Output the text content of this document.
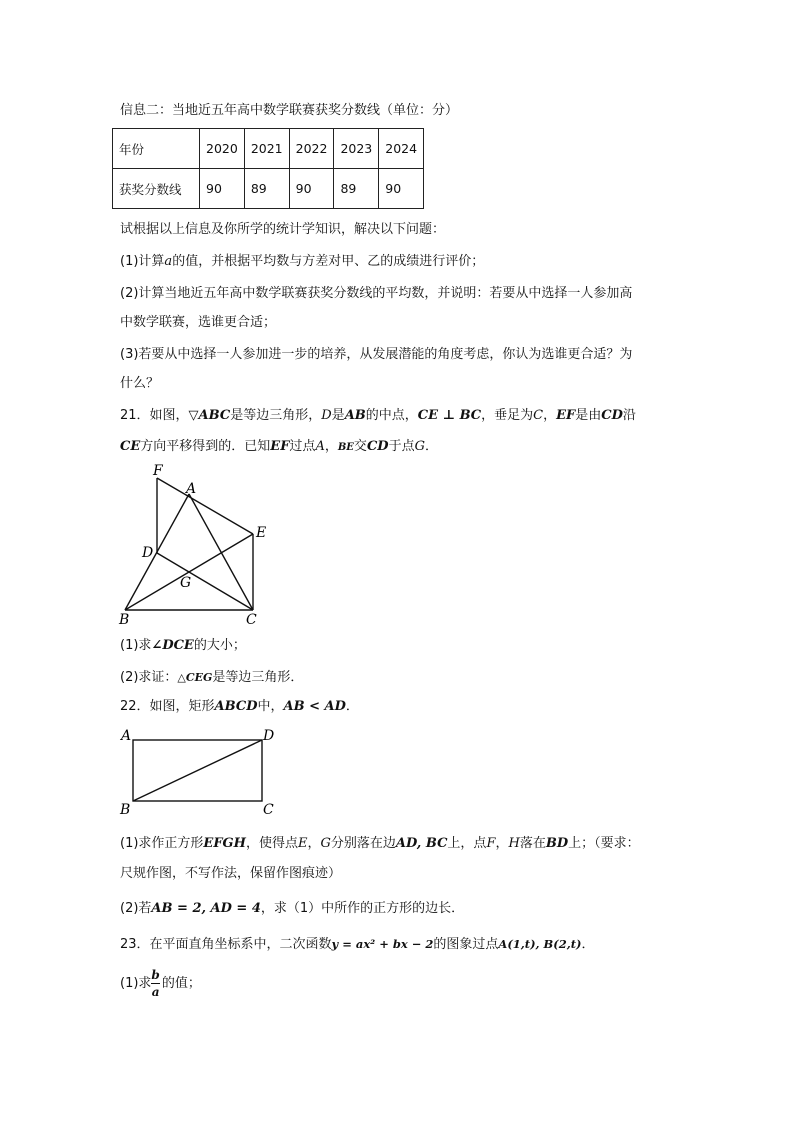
信息二：当地近五年高中数学联赛获奖分数线（单位：分）
年份	2020	2021	2022	2023	2024
获奖分数线	90	89	90	89	90
试根据以上信息及你所学的统计学知识，解决以下问题：
(1)计算a的值，并根据平均数与方差对甲、乙的成绩进行评价；
(2)计算当地近五年高中数学联赛获奖分数线的平均数，并说明：若要从中选择一人参加高
中数学联赛，选谁更合适；
(3)若要从中选择一人参加进一步的培养，从发展潜能的角度考虑，你认为选谁更合适？为
什么？
21．如图，▽ABC是等边三角形，D是AB的中点，CE ⊥ BC，垂足为C，EF是由CD沿
CE方向平移得到的．已知EF过点A，BE交CD于点G．
F
A
E
D
G
B	C
(1)求∠DCE的大小；
(2)求证：△CEG是等边三角形．
22．如图，矩形ABCD中，AB < AD．
A	D
B	C
(1)求作正方形EFGH，使得点E，G分别落在边AD, BC上，点F，H落在BD上；（要求：
尺规作图，不写作法，保留作图痕迹）
(2)若AB = 2, AD = 4，求（1）中所作的正方形的边长．
23．在平面直角坐标系中，二次函数y = ax² + bx − 2的图象过点A(1,t), B(2,t)．
(1)求 $\frac{b}{a}$ 的值；
